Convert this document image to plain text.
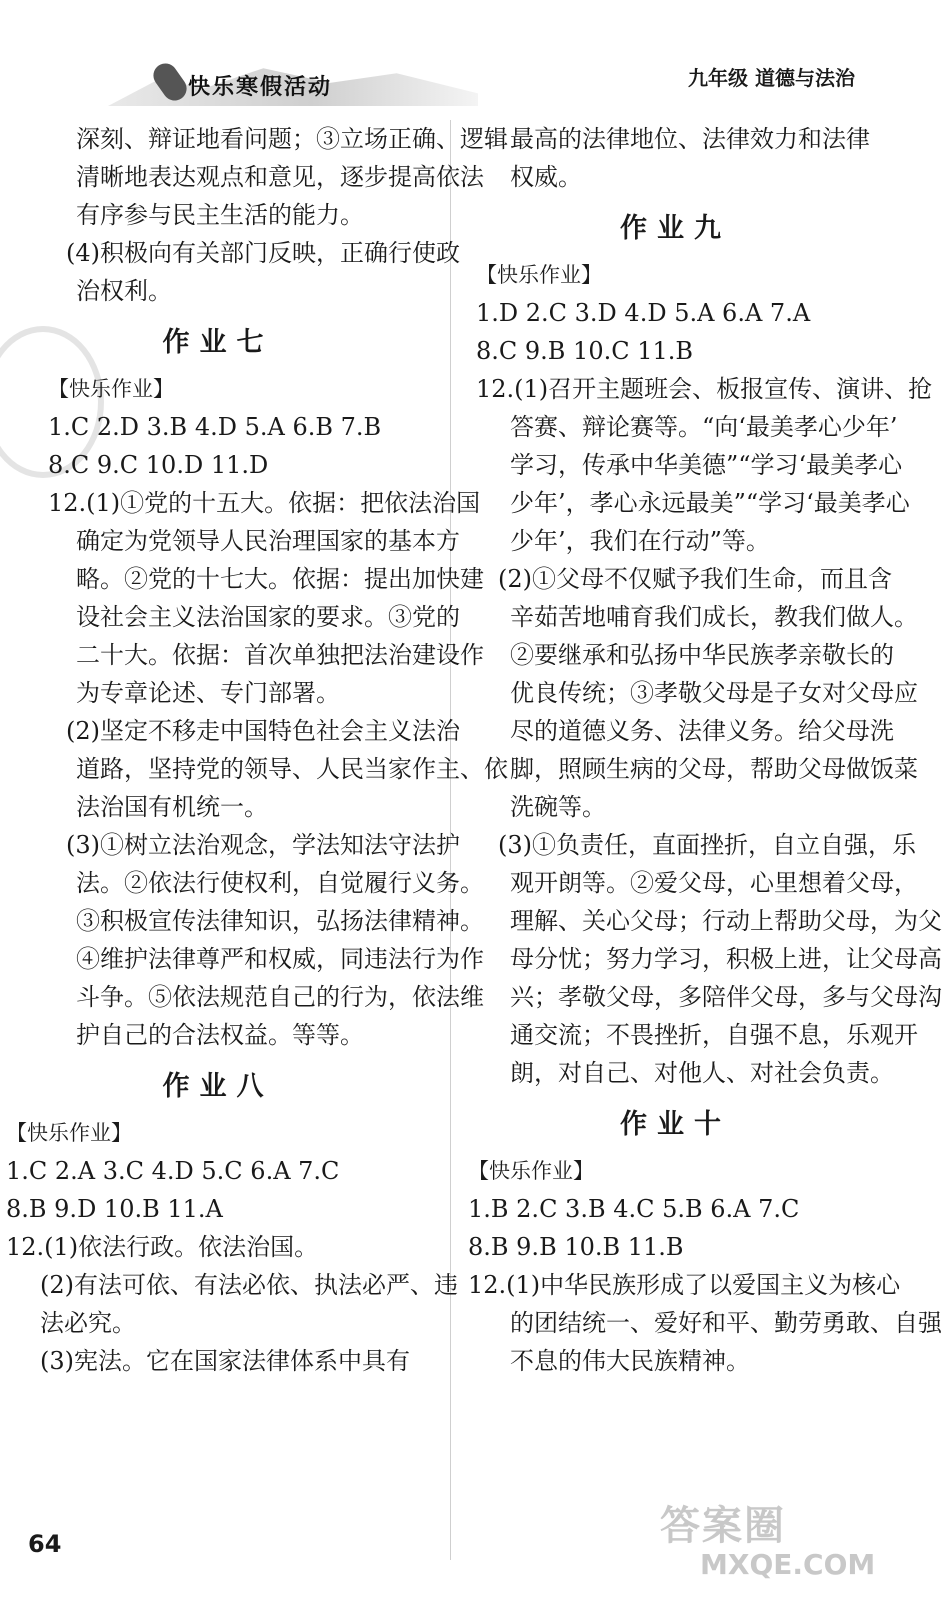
快乐寒假活动	九年级 道德与法治

深刻、辩证地看问题；③立场正确、逻辑

清晰地表达观点和意见，逐步提高依法

有序参与民主生活的能力。

(4)积极向有关部门反映，正确行使政

治权利。

作业七

【快乐作业】

1.C 2.D 3.B 4.D 5.A 6.B 7.B

8.C 9.C 10.D 11.D

12.(1)①党的十五大。依据：把依法治国

确定为党领导人民治理国家的基本方

略。②党的十七大。依据：提出加快建

设社会主义法治国家的要求。③党的

二十大。依据：首次单独把法治建设作

为专章论述、专门部署。

(2)坚定不移走中国特色社会主义法治

道路，坚持党的领导、人民当家作主、依

法治国有机统一。

(3)①树立法治观念，学法知法守法护

法。②依法行使权利，自觉履行义务。

③积极宣传法律知识，弘扬法律精神。

④维护法律尊严和权威，同违法行为作

斗争。⑤依法规范自己的行为，依法维

护自己的合法权益。等等。

作业八

【快乐作业】

1.C 2.A 3.C 4.D 5.C 6.A 7.C

8.B 9.D 10.B 11.A

12.(1)依法行政。依法治国。

(2)有法可依、有法必依、执法必严、违

法必究。

(3)宪法。它在国家法律体系中具有

最高的法律地位、法律效力和法律

权威。

作业九

【快乐作业】

1.D 2.C 3.D 4.D 5.A 6.A 7.A

8.C 9.B 10.C 11.B

12.(1)召开主题班会、板报宣传、演讲、抢

答赛、辩论赛等。“向‘最美孝心少年’

学习，传承中华美德”“学习‘最美孝心

少年’，孝心永远最美”“学习‘最美孝心

少年’，我们在行动”等。

(2)①父母不仅赋予我们生命，而且含

辛茹苦地哺育我们成长，教我们做人。

②要继承和弘扬中华民族孝亲敬长的

优良传统；③孝敬父母是子女对父母应

尽的道德义务、法律义务。给父母洗

脚，照顾生病的父母，帮助父母做饭菜

洗碗等。

(3)①负责任，直面挫折，自立自强，乐

观开朗等。②爱父母，心里想着父母，

理解、关心父母；行动上帮助父母，为父

母分忧；努力学习，积极上进，让父母高

兴；孝敬父母，多陪伴父母，多与父母沟

通交流；不畏挫折，自强不息，乐观开

朗，对自己、对他人、对社会负责。

作业十

【快乐作业】

1.B 2.C 3.B 4.C 5.B 6.A 7.C

8.B 9.B 10.B 11.B

12.(1)中华民族形成了以爱国主义为核心

的团结统一、爱好和平、勤劳勇敢、自强

不息的伟大民族精神。

64	答案圈
MXQE.COM
